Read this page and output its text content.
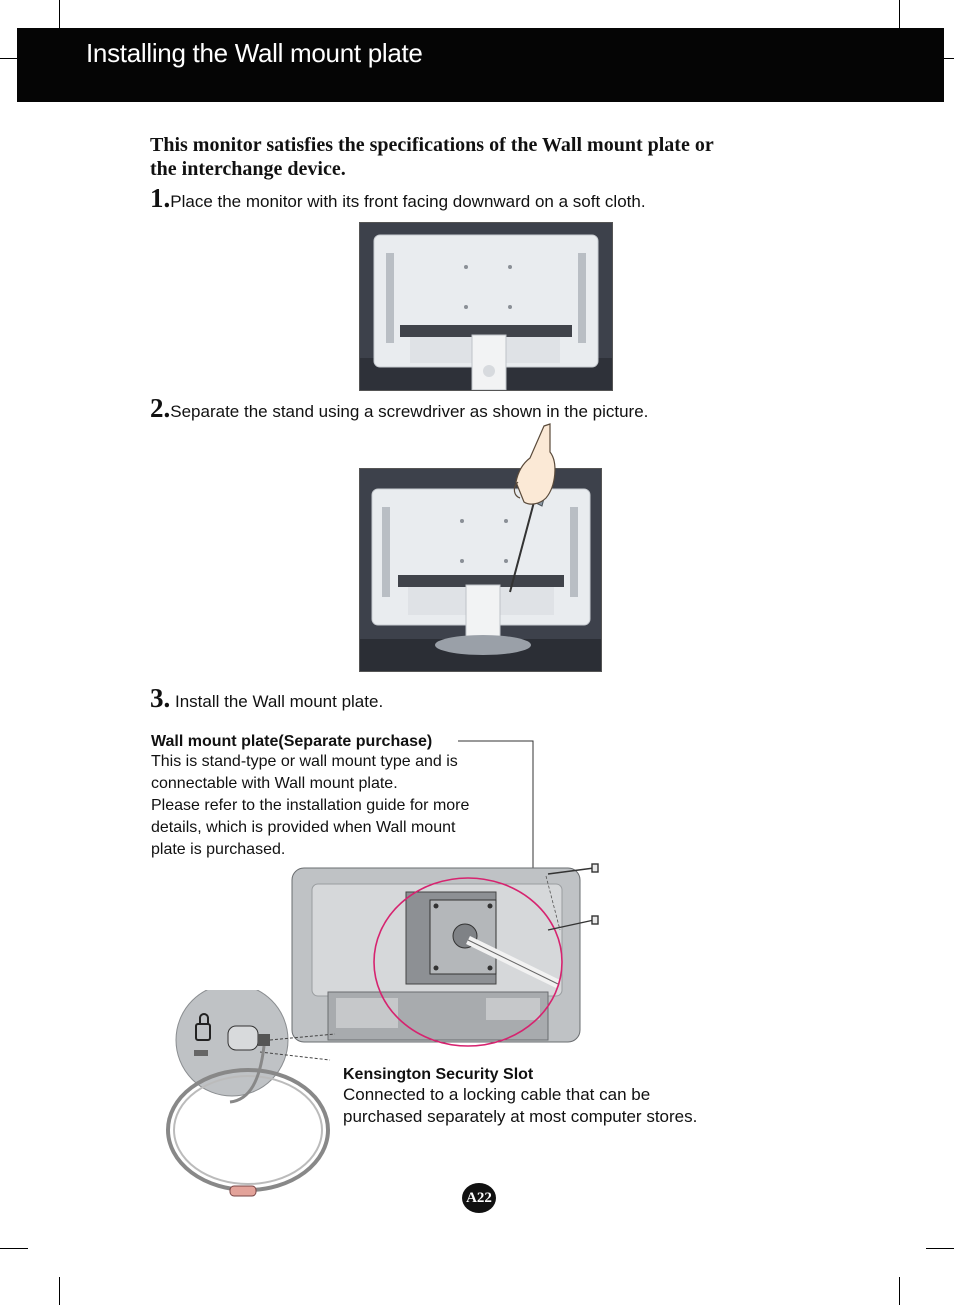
Installing the Wall mount plate
This monitor satisfies the specifications of the Wall mount plate or
the interchange device.
1.Place the monitor with its front facing downward on a soft cloth.
2.Separate the stand using a screwdriver as shown in the picture.
3. Install the Wall mount plate.
Wall mount plate(Separate purchase)
This is stand-type or wall mount type and is
connectable with Wall mount plate.
Please refer to the installation guide for more
details, which is provided when Wall mount
plate is purchased.
Kensington Security Slot
Connected to a locking cable that can be
purchased separately at most computer stores.
A22
